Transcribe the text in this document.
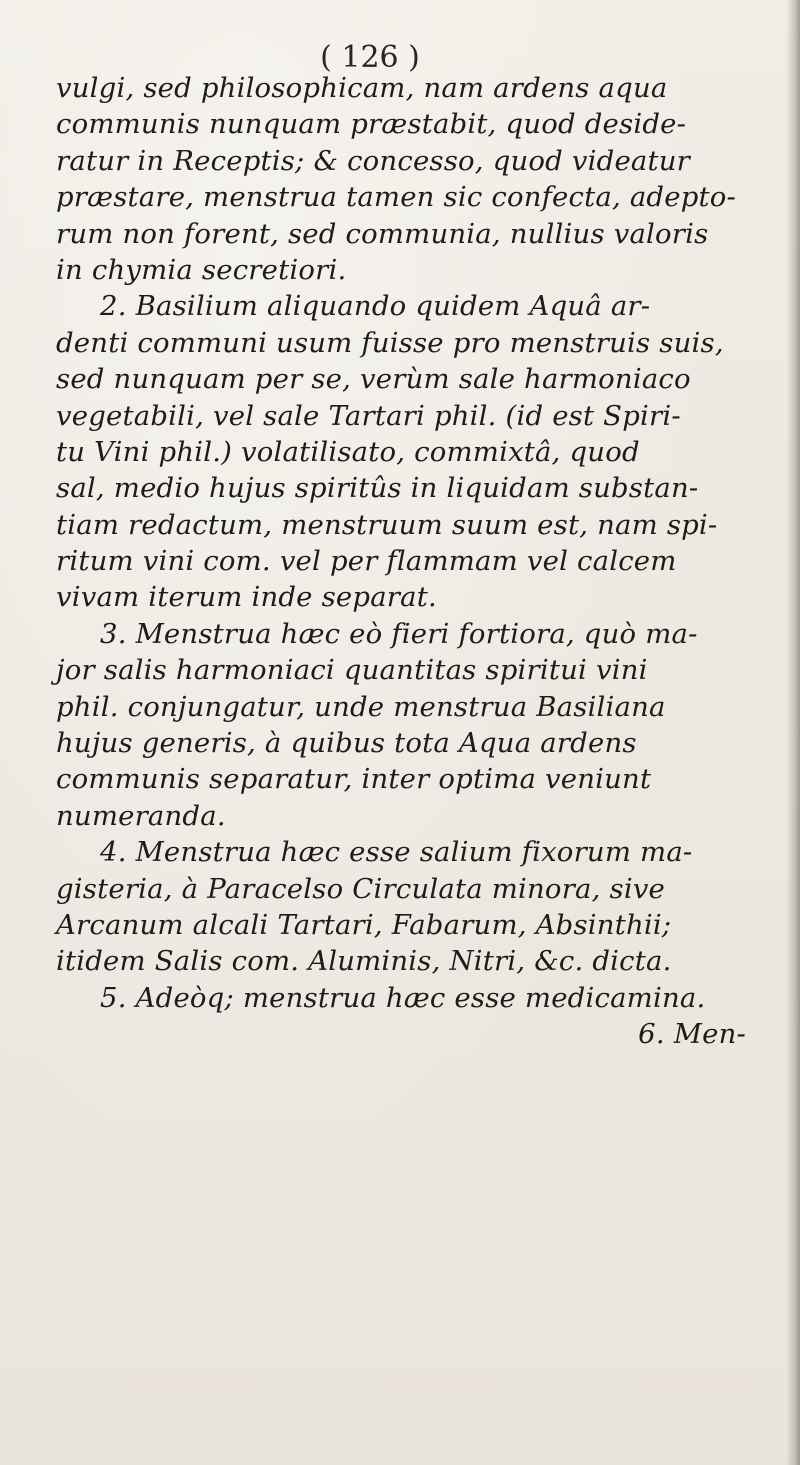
( 126 )
vulgi, sed philosophicam, nam ardens aqua
communis nunquam præstabit, quod deside-
ratur in Receptis; & concesso, quod videatur
præstare, menstrua tamen sic confecta, adepto-
rum non forent, sed communia, nullius valoris
in chymia secretiori.
2. Basilium aliquando quidem Aquâ ar-
denti communi usum fuisse pro menstruis suis,
sed nunquam per se, verùm sale harmoniaco
vegetabili, vel sale Tartari phil. (id est Spiri-
tu Vini phil.) volatilisato, commixtâ, quod
sal, medio hujus spiritûs in liquidam substan-
tiam redactum, menstruum suum est, nam spi-
ritum vini com. vel per flammam vel calcem
vivam iterum inde separat.
3. Menstrua hæc eò fieri fortiora, quò ma-
jor salis harmoniaci quantitas spiritui vini
phil. conjungatur, unde menstrua Basiliana
hujus generis, à quibus tota Aqua ardens
communis separatur, inter optima veniunt
numeranda.
4. Menstrua hæc esse salium fixorum ma-
gisteria, à Paracelso Circulata minora, sive
Arcanum alcali Tartari, Fabarum, Absinthii;
itidem Salis com. Aluminis, Nitri, &c. dicta.
5. Adeòq; menstrua hæc esse medicamina.
6. Men-
